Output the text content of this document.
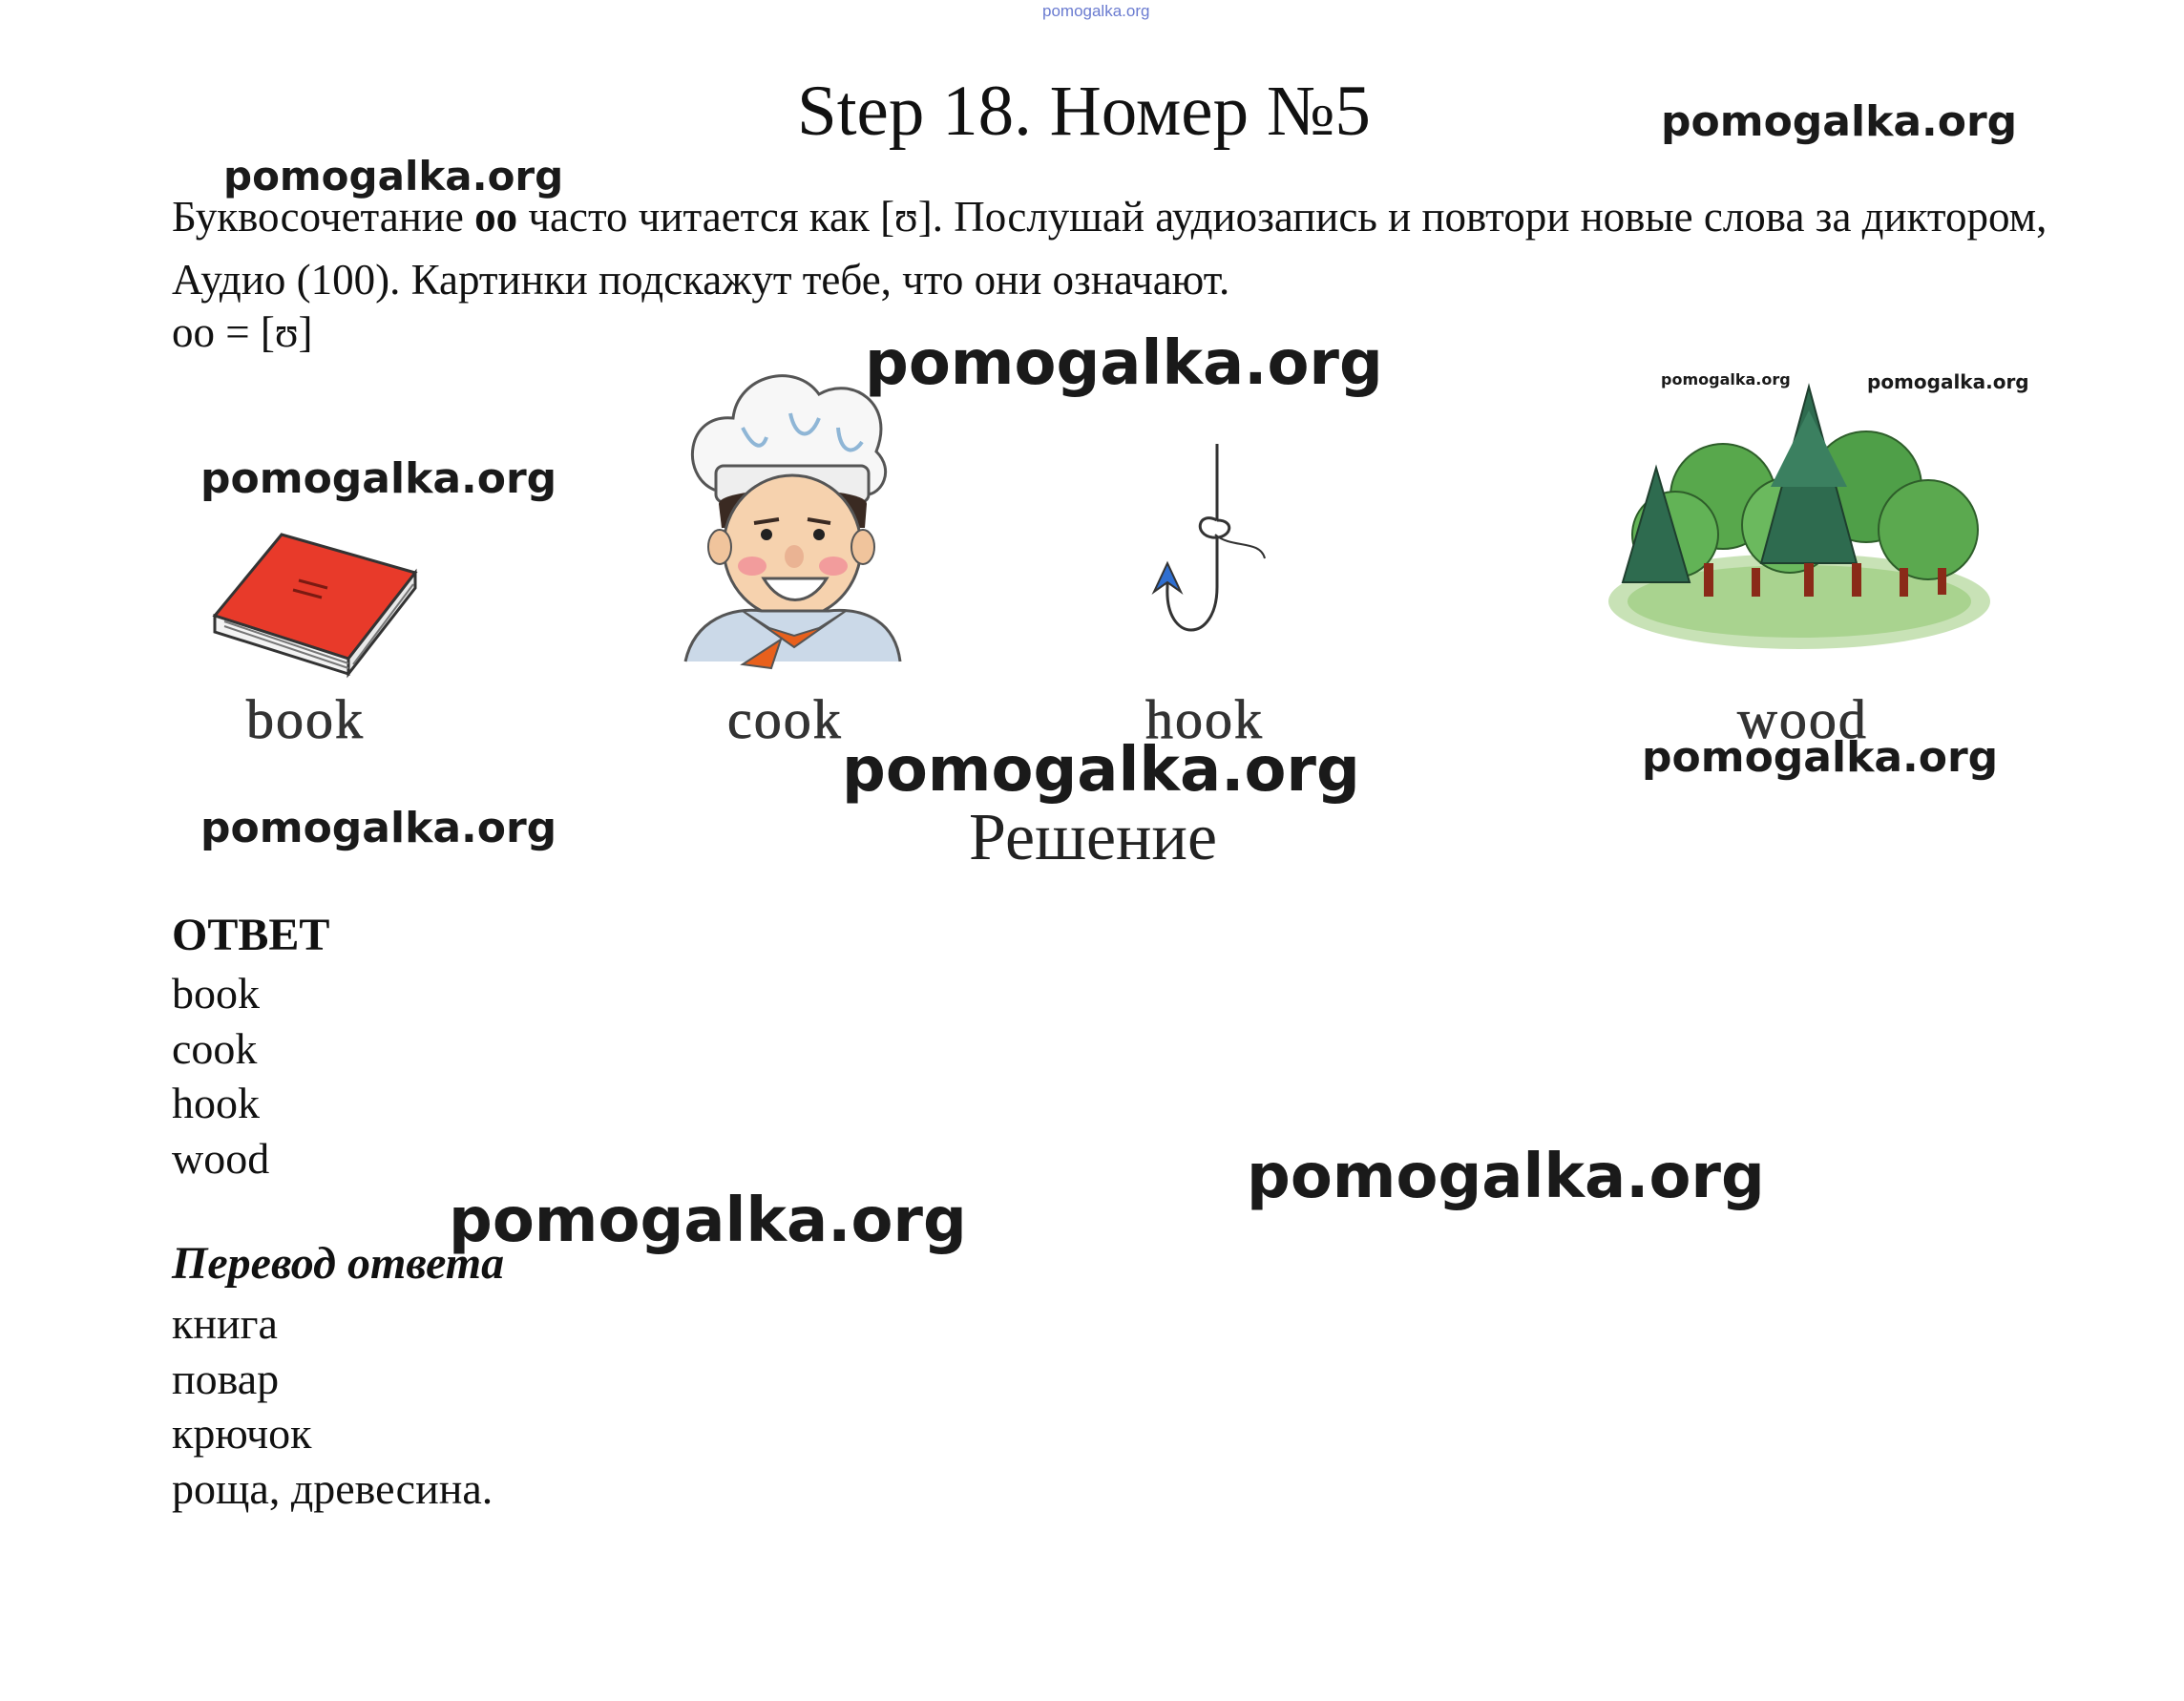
pomogalka.org
Step 18. Номер №5
Буквосочетание oo часто читается как [ʊ]. Послушай аудиозапись и повтори новые слова за диктором, Аудио (100). Картинки подскажут тебе, что они означают.
oo = [ʊ]
book	cook	hook	wood
Решение
ОТВЕТ
book
cook
hook
wood
Перевод ответа
книга
повар
крючок
роща, древесина.
pomogalka.org
pomogalka.org
pomogalka.org
pomogalka.org
pomogalka.org	pomogalka.org
pomogalka.org	pomogalka.org
pomogalka.org
pomogalka.org
pomogalka.org
